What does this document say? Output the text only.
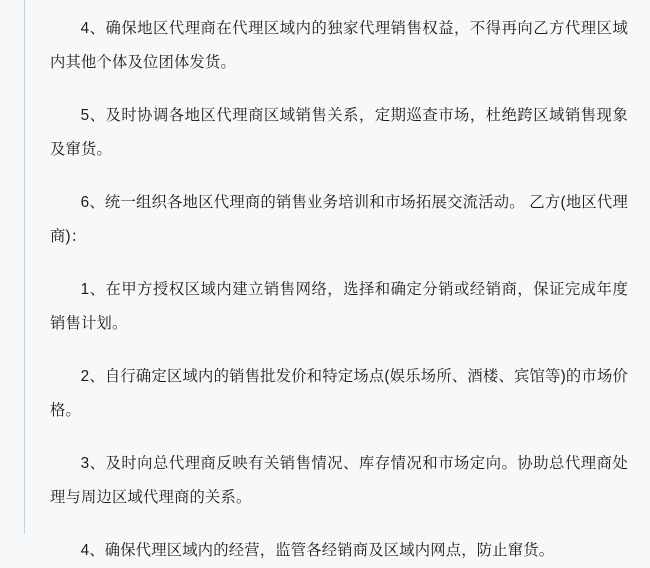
4、确保地区代理商在代理区域内的独家代理销售权益，不得再向乙方代理区域内其他个体及位团体发货。

5、及时协调各地区代理商区域销售关系，定期巡查市场，杜绝跨区域销售现象及窜货。

6、统一组织各地区代理商的销售业务培训和市场拓展交流活动。 乙方(地区代理商)：

1、在甲方授权区域内建立销售网络，选择和确定分销或经销商，保证完成年度销售计划。

2、自行确定区域内的销售批发价和特定场点(娱乐场所、酒楼、宾馆等)的市场价格。

3、及时向总代理商反映有关销售情况、库存情况和市场定向。协助总代理商处理与周边区域代理商的关系。

4、确保代理区域内的经营，监管各经销商及区域内网点，防止窜货。
